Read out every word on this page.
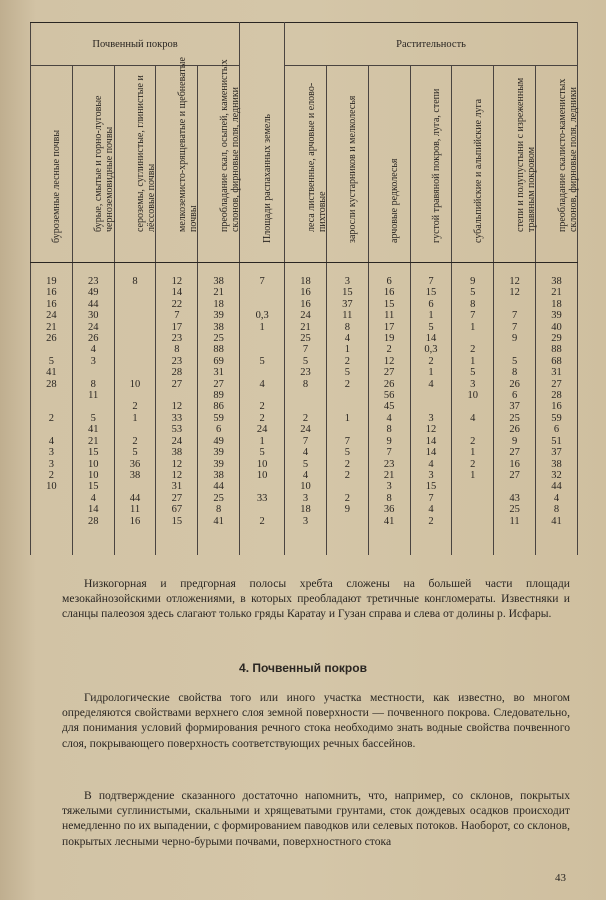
Почвенный покров					Площади распаханных земель	Растительность						

буроземные лесные почвы	бурые, смытые и горно-луговые черноземовидные почвы	сероземы, суглинистые, глинистые и лёссовые почвы	мелкоземисто-хрящеватые и щебневатые почвы	преобладание скал, осыпей, каменистых склонов, фирновые поля, ледники		леса лиственные, арчовые и елово-пихтовые	заросли кустарников и мелколесья	арчовые редколесья	густой травяной покров, луга, степи	субальпийские и альпийские луга	степи и полупустыни с изреженным травяным покровом	преобладание скалисто-каменистых склонов, фирновые поля, ледники

19	23	8	12	38	7	18	3	6	7	9	12	38
16	49		14	21		16	15	16	15	5	12	21
16	44		22	18		16	37	15	6	8		18
24	30		7	39	0,3	24	11	11	1	7	7	39
21	24		17	38	1	21	8	17	5	1	7	40
26	26		23	25		25	4	19	14		9	29
	4		8	88		7	1	2	0,3	2		88
5	3		23	69	5	5	2	12	2	1	5	68
41			28	31		23	5	27	1	5	8	31
28	8	10	27	27	4	8	2	26	4	3	26	27
	11			89				56		10	6	28
		2	12	86	2			45			37	16
2	5	1	33	59	2	2	1	4	3	4	25	59
	41		53	6	24	24		8	12		26	6
4	21	2	24	49	1	7	7	9	14	2	9	51
3	15	5	38	39	5	4	5	7	14	1	27	37
3	10	36	12	39	10	5	2	23	4	2	16	38
2	10	38	12	38	10	4	2	21	3	1	27	32
10	15		31	44		10		3	15			44
	4	44	27	25	33	3	2	8	7		43	4
	14	11	67	8		18	9	36	4		25	8
	28	16	15	41	2	3		41	2		11	41

Низкогорная и предгорная полосы хребта сложены на большей части площади мезокайнозойскими отложениями, в которых преобладают третичные конгломераты. Известняки и сланцы палеозоя здесь слагают только гряды Каратау и Гузан справа и слева от долины р. Исфары.
4. Почвенный покров
Гидрологические свойства того или иного участка местности, как известно, во многом определяются свойствами верхнего слоя земной поверхности — почвенного покрова. Следовательно, для понимания условий формирования речного стока необходимо знать водные свойства почвенного слоя, покрывающего поверхность соответствующих речных бассейнов.
В подтверждение сказанного достаточно напомнить, что, например, со склонов, покрытых тяжелыми суглинистыми, скальными и хрящеватыми грунтами, сток дождевых осадков происходит немедленно по их выпадении, с формированием паводков или селевых потоков. Наоборот, со склонов, покрытых лесными черно-бурыми почвами, поверхностного стока
43
